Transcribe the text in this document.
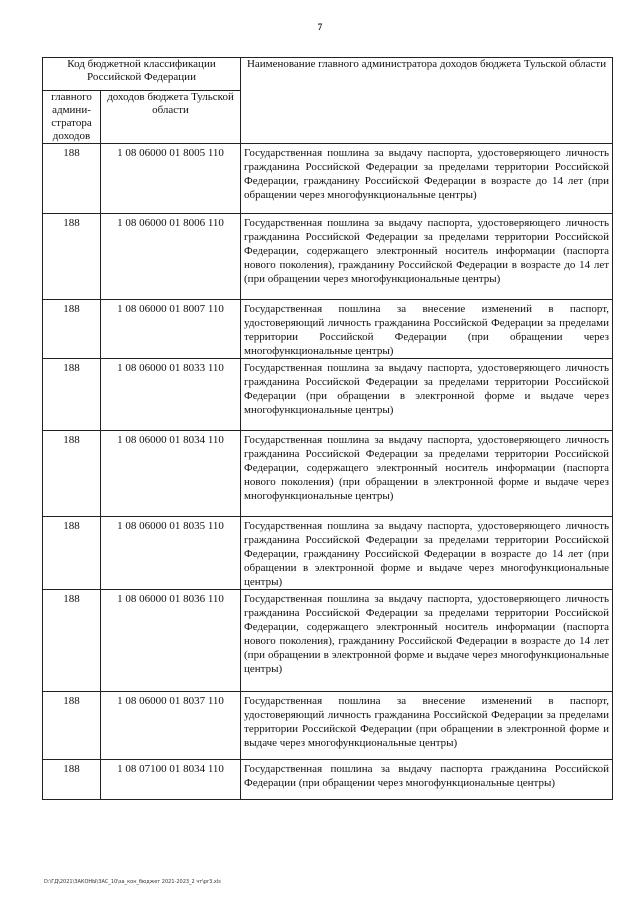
7
Код бюджетной классификации Российской Федерации		Наименование главного администратора доходов бюджета Тульской области
главного админи-стратора доходов	доходов бюджета Тульской области	
188	1 08 06000 01 8005 110	Государственная пошлина за выдачу паспорта, удостоверяющего личность гражданина Российской Федерации за пределами территории Российской Федерации, гражданину Российской Федерации в возрасте до 14 лет (при обращении через многофункциональные центры)
188	1 08 06000 01 8006 110	Государственная пошлина за выдачу паспорта, удостоверяющего личность гражданина Российской Федерации за пределами территории Российской Федерации, содержащего электронный носитель информации (паспорта нового поколения), гражданину Российской Федерации в возрасте до 14 лет (при обращении через многофункциональные центры)
188	1 08 06000 01 8007 110	Государственная пошлина за внесение изменений в паспорт, удостоверяющий личность гражданина Российской Федерации за пределами территории Российской Федерации (при обращении через многофункциональные центры)
188	1 08 06000 01 8033 110	Государственная пошлина за выдачу паспорта, удостоверяющего личность гражданина Российской Федерации за пределами территории Российской Федерации (при обращении в электронной форме и выдаче через многофункциональные центры)
188	1 08 06000 01 8034 110	Государственная пошлина за выдачу паспорта, удостоверяющего личность гражданина Российской Федерации за пределами территории Российской Федерации, содержащего электронный носитель информации (паспорта нового поколения) (при обращении в электронной форме и выдаче через многофункциональные центры)
188	1 08 06000 01 8035 110	Государственная пошлина за выдачу паспорта, удостоверяющего личность гражданина Российской Федерации за пределами территории Российской Федерации, гражданину Российской Федерации в возрасте до 14 лет (при обращении в электронной форме и выдаче через многофункциональные центры)
188	1 08 06000 01 8036 110	Государственная пошлина за выдачу паспорта, удостоверяющего личность гражданина Российской Федерации за пределами территории Российской Федерации, содержащего электронный носитель информации (паспорта нового поколения), гражданину Российской Федерации в возрасте до 14 лет (при обращении в электронной форме и выдаче через многофункциональные центры)
188	1 08 06000 01 8037 110	Государственная пошлина за внесение изменений в паспорт, удостоверяющий личность гражданина Российской Федерации за пределами территории Российской Федерации (при обращении в электронной форме и выдаче через многофункциональные центры)
188	1 08 07100 01 8034 110	Государственная пошлина за выдачу паспорта гражданина Российской Федерации (при обращении через многофункциональные центры)
D:\ГД\2021\ЗАКОНЫ\ЗАС_10\за_кон_бюджет 2021-2023_2 чт\pr3.xls
